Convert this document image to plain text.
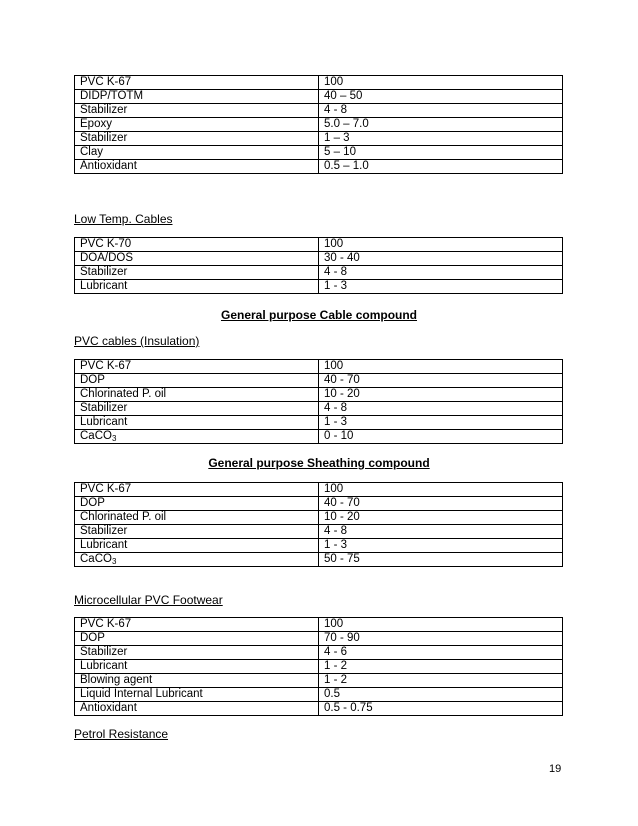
PVC K-67	100
DIDP/TOTM	40 – 50
Stabilizer	4 - 8
Epoxy	5.0 – 7.0
Stabilizer	1 – 3
Clay	5 – 10
Antioxidant	0.5 – 1.0
Low Temp. Cables
PVC K-70	100
DOA/DOS	30 - 40
Stabilizer	4 - 8
Lubricant	1 - 3
General purpose Cable compound
PVC cables (Insulation)
PVC K-67	100
DOP	40 - 70
Chlorinated P. oil	10 - 20
Stabilizer	4 - 8
Lubricant	1 - 3
CaCO$_3$	0 - 10
General purpose Sheathing compound
PVC K-67	100
DOP	40 - 70
Chlorinated P. oil	10 - 20
Stabilizer	4 - 8
Lubricant	1 - 3
CaCO$_3$	50 - 75
Microcellular PVC Footwear
PVC K-67	100
DOP	70 - 90
Stabilizer	4 - 6
Lubricant	1 - 2
Blowing agent	1 - 2
Liquid Internal Lubricant	0.5
Antioxidant	0.5 - 0.75
Petrol Resistance
19
